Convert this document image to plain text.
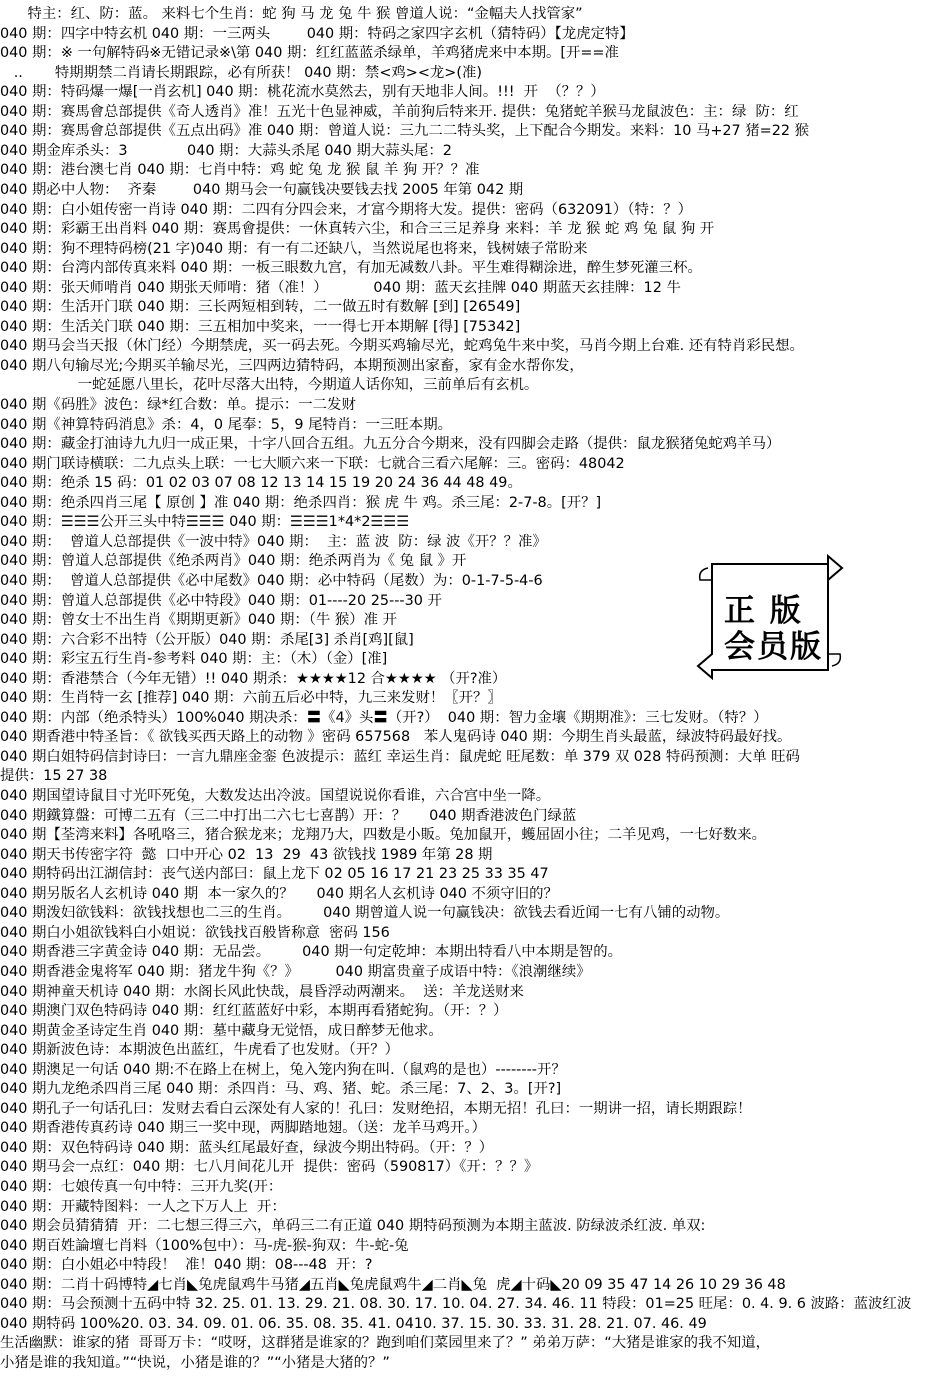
特主：红、防：蓝。 来料七个生肖：蛇 狗 马 龙 兔 牛 猴 曾道人说：“金幅夫人找管家”
040 期：四字中特玄机 040 期：一三两头        040 期：特码之家四字玄机（猜特码）【龙虎定特】
040 期：※ 一句解特码※无错记录※\第 040 期：红红蓝蓝杀绿单，羊鸡猪虎来中本期。[开==准
..       特期期禁二肖请长期跟踪，必有所获！ 040 期：禁<鸡><龙>(准)
040 期：特码爆一爆[一肖玄机] 040 期：桃花流水莫然去，别有天地非人间。!!!  开  （？？）
040 期：赛馬會总部提供《奇人透肖》准！五光十色显神威，羊前狗后特来开. 提供：兔猪蛇羊猴马龙鼠波色：主：绿  防：红
040 期：赛馬會总部提供《五点出码》准 040 期：曾道人说：三九二二特头奖，上下配合今期发。来料：10 马+27 猪=22 猴
040 期金库杀头：3             040 期：大蒜头杀尾 040 期大蒜头尾：2
040 期：港台澳七肖 040 期：七肖中特：鸡 蛇 兔 龙 猴 鼠 羊 狗 开？？准
040 期必中人物：  齐秦        040 期马会一句赢钱决要钱去找 2005 年第 042 期
040 期：白小姐传密一肖诗 040 期：二四有分四会来，才富今期将大发。提供：密码（632091）（特：？）
040 期：彩霸王出肖料 040 期：赛馬會提供：一休真转六尘，和合三三足养身 来料：羊 龙 猴 蛇 鸡 兔 鼠 狗 开
040 期：狗不理特码榜(21 字)040 期：有一有二还缺八，当然说尾也将来，钱树婊子常盼来
040 期：台湾内部传真来料 040 期：一板三眼数九宫，有加无减数八卦。平生难得糊涂进，醉生梦死灌三杯。
040 期：张天师啃肖 040 期张天师啃：猪（准！）          040 期：蓝天玄挂牌 040 期蓝天玄挂牌：12 牛
040 期：生活开门联 040 期：三长两短相到转，二一做五时有数解 [到] [26549]
040 期：生活关门联 040 期：三五相加中奖来，一一得七开本期解 [得] [75342]
040 期马会当天报（休门经）今期禁虎，买一码去死。今期买鸡输尽光，蛇鸡兔牛来中奖，马肖今期上台难. 还有特肖彩民想。
040 期八句输尽光;今期买羊输尽光，三四两边猜特码，本期预测出家畜，家有金水帮你发，
一蛇延愿八里长，花叶尽落大出特，今期道人话你知，三前单后有玄机。
040 期《码胜》波色：绿*红合数：单。提示：一二发财
040 期《神算特码消息》杀：4，0 尾奉：5，9 尾特肖：一三旺本期。
040 期：藏金打油诗九九归一成正果，十字八回合五组。九五分合今期来，没有四脚会走路（提供：鼠龙猴猪兔蛇鸡羊马）
040 期门联诗横联：二九点头上联：一七大顺六来一下联：七就合三看六尾解：三。密码：48042
040 期：绝杀 15 码：01 02 03 07 08 12 13 14 15 19 20 24 36 44 48 49。
040 期：绝杀四肖三尾【 原创 】准 040 期：绝杀四肖：猴 虎 牛 鸡。杀三尾：2-7-8。[开？]
040 期：☰☰☰公开三头中特☰☰☰ 040 期：☰☰☰1*4*2☰☰☰
040 期：  曾道人总部提供《一波中特》040 期：  主：蓝 波  防：绿 波《开？？准》
040 期：曾道人总部提供《绝杀两肖》040 期：绝杀两肖为《 兔 鼠 》开
040 期：  曾道人总部提供《必中尾数》040 期：必中特码（尾数）为：0-1-7-5-4-6
040 期：曾道人总部提供《必中特段》040 期：01----20 25---30 开
040 期：曾女士不出生肖《期期更新》040 期：（牛 猴）准 开
040 期：六合彩不出特（公开版）040 期：杀尾[3] 杀肖[鸡][鼠]
040 期：彩宝五行生肖-参考料 040 期：主：（木）（金）[准]
040 期：香港禁合（今年无错）!! 040 期杀：★★★★12 合★★★★ （开?准）
040 期：生肖特一玄 [推荐] 040 期：六前五后必中特，九三来发财！〖开？〗
040 期：内部（绝杀特头）100%040 期决杀：〓《4》头〓（开?）  040 期：智力金壤《期期准》：三七发财。（特？）
040 期香港中特圣旨：《 欲钱买西天路上的动物 》密码 657568   苯人鬼码诗 040 期：今期生肖头最蓝，绿波特码最好找。
040 期白姐特码信封诗曰：一言九鼎座金銮 色波提示：蓝红 幸运生肖：鼠虎蛇 旺尾数：单 379 双 028 特码预测：大单 旺码
提供：15 27 38
040 期国望诗鼠目寸光吓死兔，大数发达出冷波。国望说说你看谁，六合宫中坐一降。
040 期鐵算盤：可博二五有（三二中打出二六七七喜鹊）开：？     040 期香港波色门绿蓝
040 期【荃湾来料】各吼咯三，猪合猴龙来；龙翔乃大，四数是小販。兔加鼠开，蠖屈固小往；二羊见鸡，一七好数来。
040 期天书传密字符  懿  口中开心 02  13  29  43 欲钱找 1989 年第 28 期
040 期特码出江湖信封：丧气送内部曰：鼠上龙下 02 05 16 17 21 23 25 33 35 47
040 期另版名人玄机诗 040 期  本一家久的？     040 期名人玄机诗 040 不须守旧的？
040 期泼妇欲钱料：欲钱找想也二三的生肖。       040 期曾道人说一句赢钱决：欲钱去看近闻一七有八铺的动物。
040 期白小姐欲钱料白小姐说：欲钱找百般皆称意  密码 156
040 期香港三字黄金诗 040 期：无品尝。       040 期一句定乾坤：本期出特看八中本期是智的。
040 期香港金鬼将军 040 期：猪龙牛狗《？》        040 期富贵童子成语中特：《浪潮继续》
040 期神童天机诗 040 期：水阁长风此快哉，晨昏浮动两潮来。  送：羊龙送财来
040 期澳门双色特码诗 040 期：红红蓝蓝好中彩，本期再看猪蛇狗。（开：？）
040 期黄金圣诗定生肖 040 期：墓中藏身无觉悟，成日醉梦无他求。
040 期新波色诗：本期波色出蓝红，牛虎看了也发财。（开？）
040 期澳足一句话 040 期:不在路上在树上，兔入笼内狗在叫.（鼠鸡的是也）--------开？
040 期九龙绝杀四肖三尾 040 期：杀四肖：马、鸡、猪、蛇。杀三尾：7、2、3。[开?]
040 期孔子一句话孔曰：发财去看白云深处有人家的！孔曰：发财绝招，本期无招！孔曰：一期讲一招，请长期跟踪！
040 期香港传真药诗 040 期三一奖中现，两脚踏地翅。（送：龙羊马鸡开。）
040 期：双色特码诗 040 期：蓝头红尾最好查，绿波今期出特码。（开：？）
040 期马会一点红：040 期：七八月间花儿开  提供：密码（590817）《开：？？》
040 期：七娘传真一句中特：三开九奖(开：
040 期：开藏特图料：一人之下万人上  开：
040 期会员猜猜猜  开：二七想三得三六，单码三二有正道 040 期特码预测为本期主蓝波. 防绿波杀红波. 单双:
040 期百姓論壇七肖料（100%包中）：马-虎-猴-狗双：牛-蛇-兔
040 期：白小姐必中特段！  准！040 期：08---48  开：?
040 期：二肖十码博特◢七肖◣兔虎鼠鸡牛马猪◢五肖◣兔虎鼠鸡牛◢二肖◣兔  虎◢十码◣20 09 35 47 14 26 10 29 36 48
040 期：马会预测十五码中特 32. 25. 01. 13. 29. 21. 08. 30. 17. 10. 04. 27. 34. 46. 11 特段：01=25 旺尾：0. 4. 9. 6 波路：蓝波红波
040 期特码 100%20. 03. 34. 09. 01. 06. 35. 08. 35. 41. 0410. 37. 15. 30. 33. 31. 28. 21. 07. 46. 49
生活幽默：谁家的猪  哥哥万卡：“哎呀，这群猪是谁家的？跑到咱们菜园里来了？” 弟弟万萨：“大猪是谁家的我不知道，
小猪是谁的我知道。”“快说，小猪是谁的？”“小猪是大猪的？”
正 版
会员版
